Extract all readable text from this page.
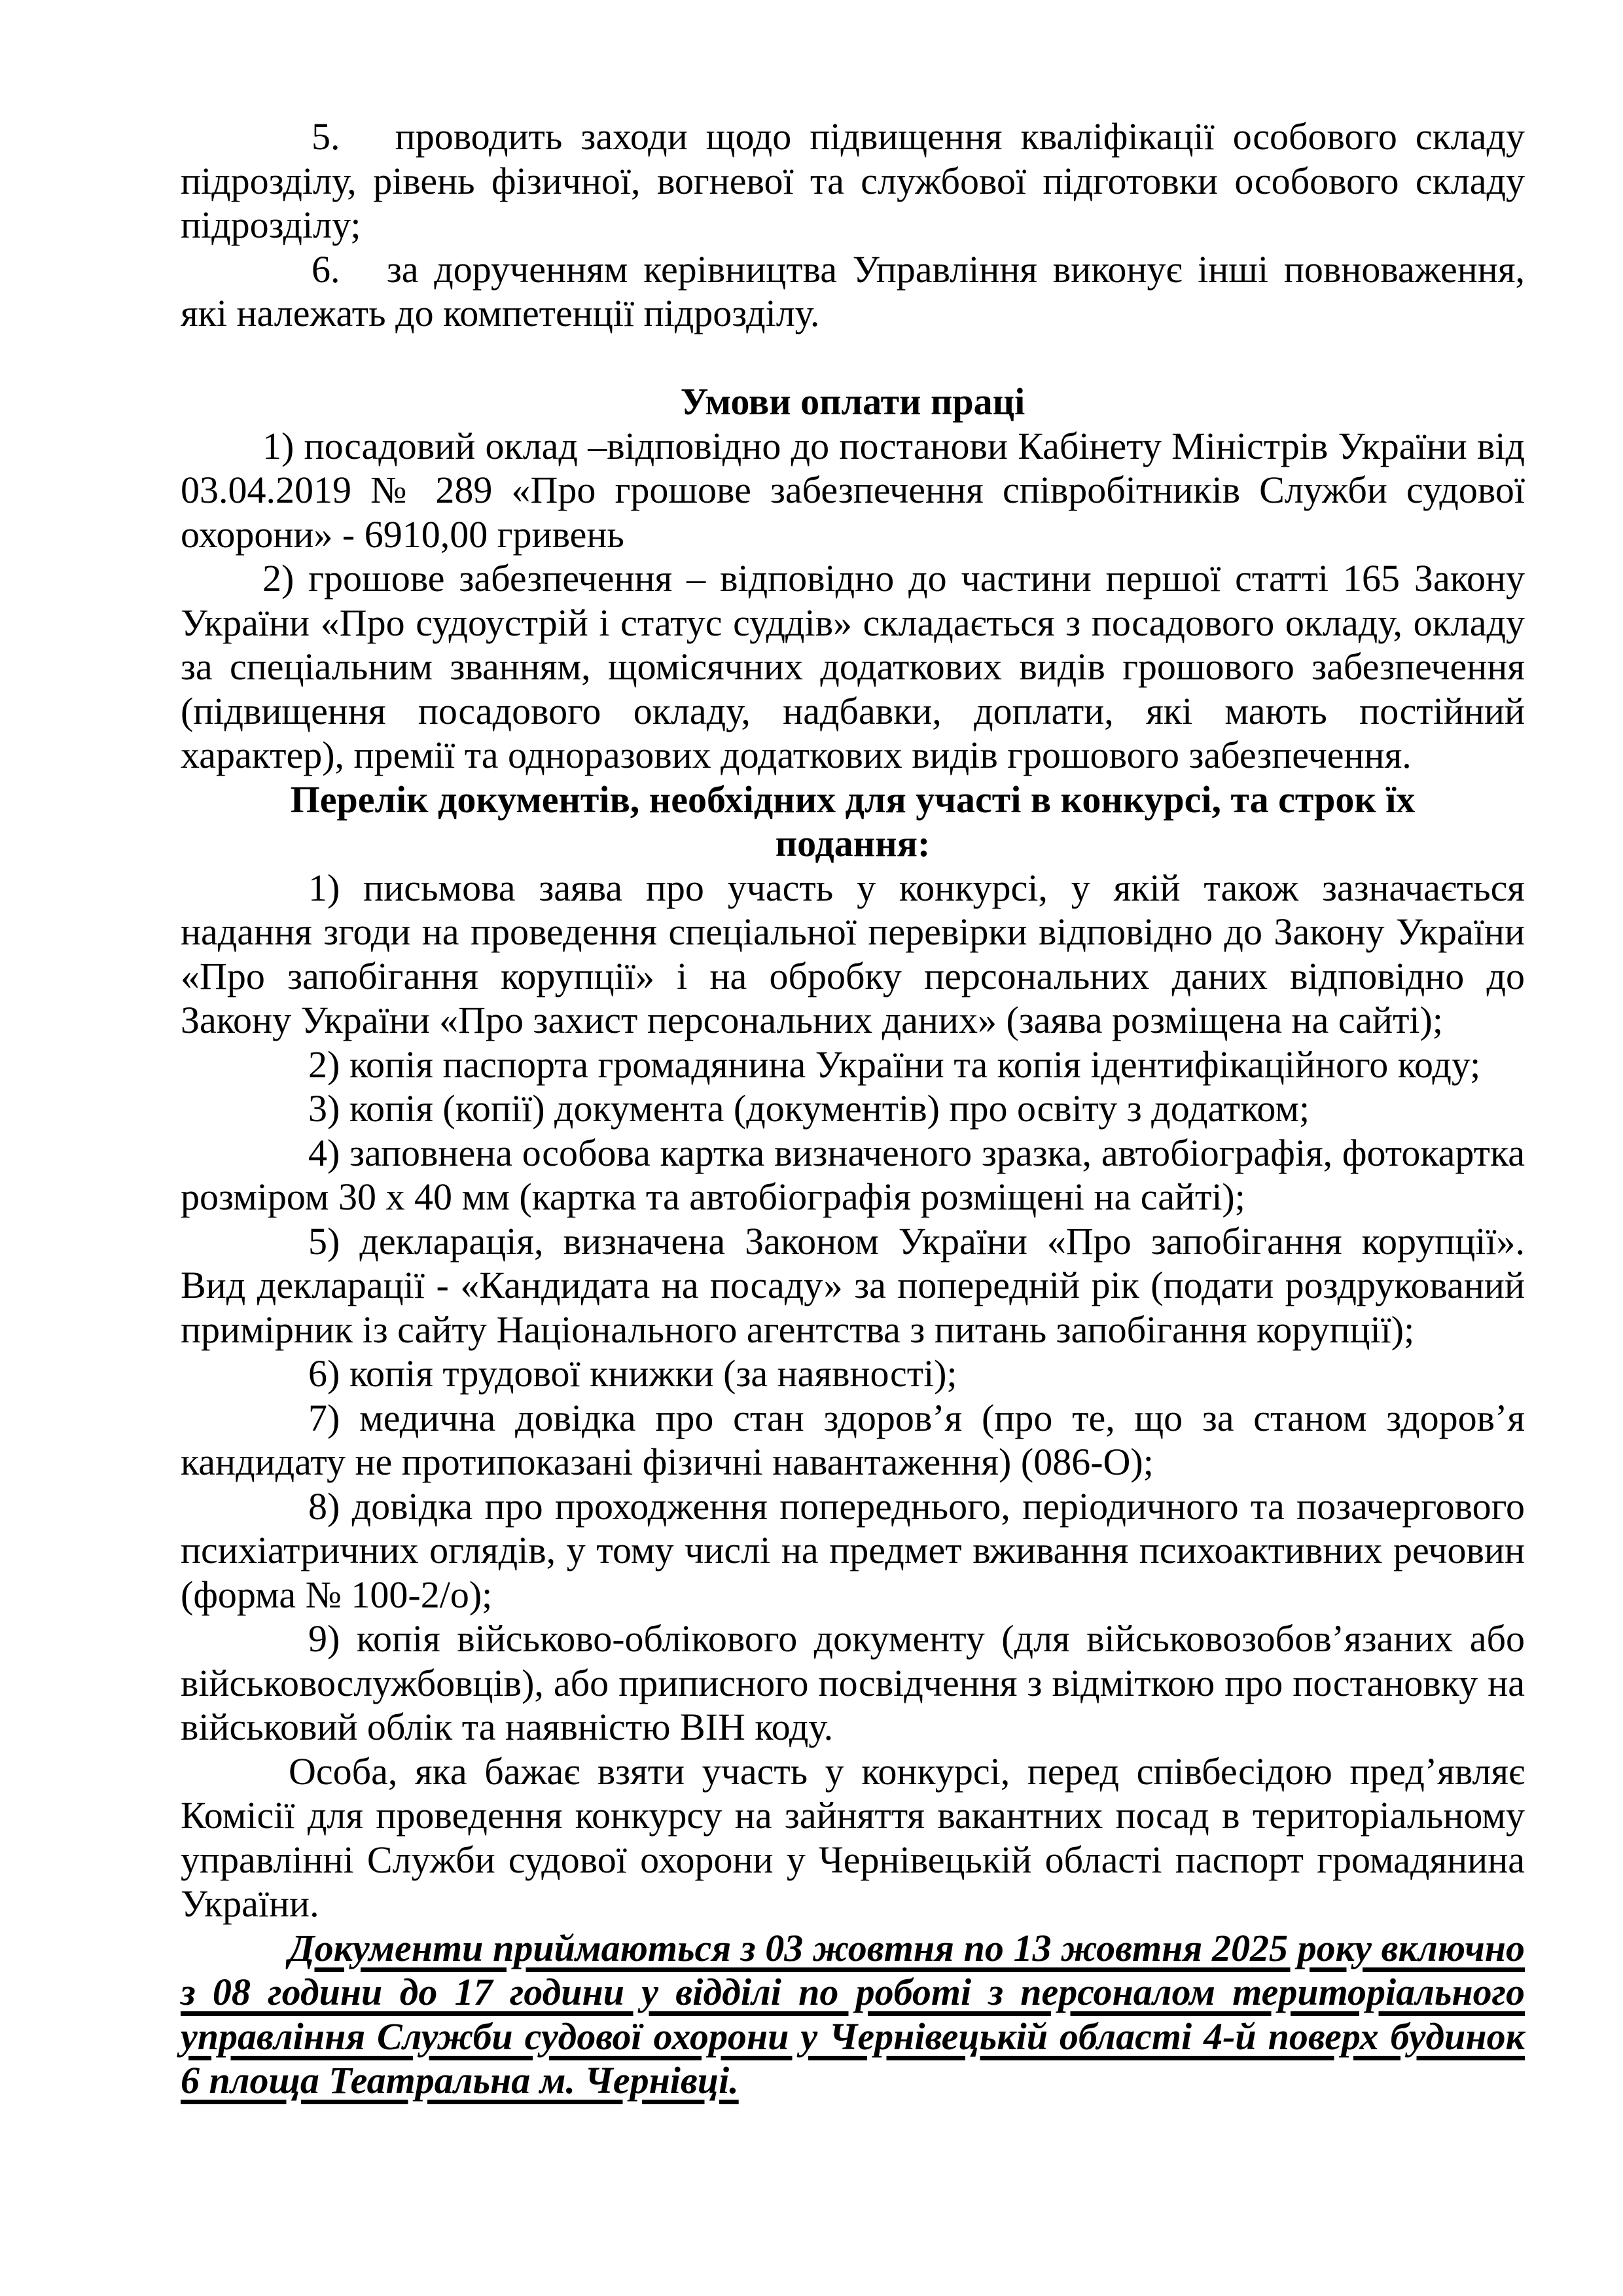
5.   проводить заходи щодо підвищення кваліфікації особового складу підрозділу, рівень фізичної, вогневої та службової підготовки особового складу підрозділу;

6.   за дорученням керівництва Управління виконує інші повноваження, які належать до компетенції підрозділу.

Умови оплати праці

1) посадовий оклад –відповідно до постанови Кабінету Міністрів України від 03.04.2019 № 289 «Про грошове забезпечення співробітників Служби судової охорони» - 6910,00 гривень

2) грошове забезпечення – відповідно до частини першої статті 165 Закону України «Про судоустрій і статус суддів» складається з посадового окладу, окладу за спеціальним званням, щомісячних додаткових видів грошового забезпечення (підвищення посадового окладу, надбавки, доплати, які мають постійний характер), премії та одноразових додаткових видів грошового забезпечення.

Перелік документів, необхідних для участі в конкурсі, та строк їх
подання:

1) письмова заява про участь у конкурсі, у якій також зазначається надання згоди на проведення спеціальної перевірки відповідно до Закону України «Про запобігання корупції» і на обробку персональних даних відповідно до Закону України «Про захист персональних даних» (заява розміщена на сайті);

2) копія паспорта громадянина України та копія ідентифікаційного коду;

3) копія (копії) документа (документів) про освіту з додатком;

4) заповнена особова картка визначеного зразка, автобіографія, фотокартка розміром 30 х 40 мм (картка та автобіографія розміщені на сайті);

5) декларація, визначена Законом України «Про запобігання корупції». Вид декларації - «Кандидата на посаду» за попередній рік (подати роздрукований примірник із сайту Національного агентства з питань запобігання корупції);

6) копія трудової книжки (за наявності);

7) медична довідка про стан здоров’я (про те, що за станом здоров’я кандидату не протипоказані фізичні навантаження) (086-О);

8) довідка про проходження попереднього, періодичного та позачергового психіатричних оглядів, у тому числі на предмет вживання психоактивних речовин (форма № 100-2/о);

9) копія військово-облікового документу (для військовозобов’язаних або військовослужбовців), або приписного посвідчення з відміткою про постановку на військовий облік та наявністю ВІН коду.

Особа, яка бажає взяти участь у конкурсі, перед співбесідою пред’являє Комісії для проведення конкурсу на зайняття вакантних посад в територіальному управлінні Служби судової охорони у Чернівецькій області паспорт громадянина України.

Документи приймаються з 03 жовтня по 13 жовтня 2025 року включно з 08 години до 17 години у відділі по роботі з персоналом територіального управління Служби судової охорони у Чернівецькій області 4-й поверх будинок 6 площа Театральна м. Чернівці.
